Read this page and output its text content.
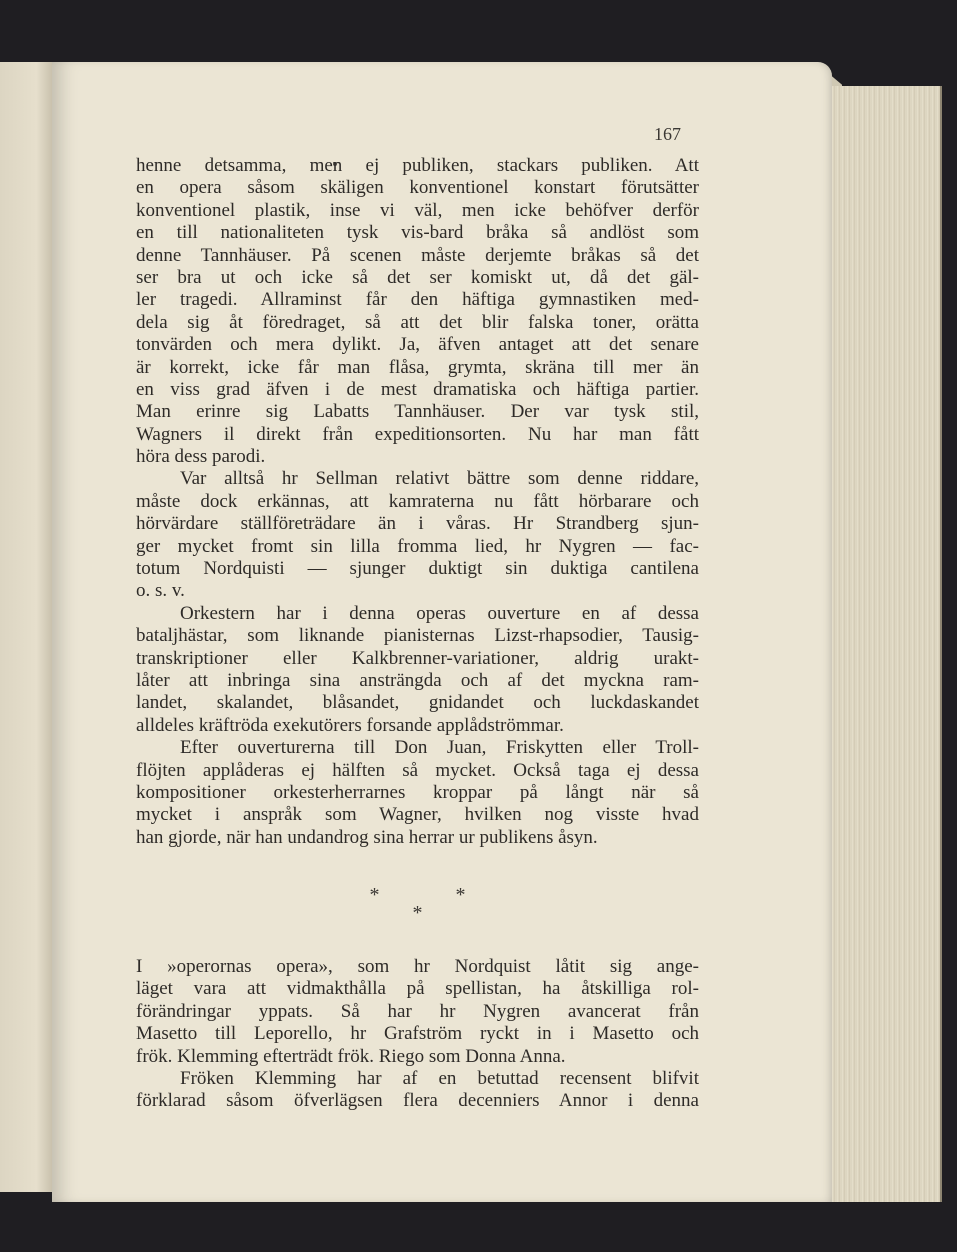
167
henne detsamma, men ej publiken, stackars publiken. Att
en opera såsom skäligen konventionel konstart förutsätter
konventionel plastik, inse vi väl, men icke behöfver derför
en till nationaliteten tysk vis-bard bråka så andlöst som
denne Tannhäuser. På scenen måste derjemte bråkas så det
ser bra ut och icke så det ser komiskt ut, då det gäl-
ler tragedi. Allraminst får den häftiga gymnastiken med-
dela sig åt föredraget, så att det blir falska toner, orätta
tonvärden och mera dylikt. Ja, äfven antaget att det senare
är korrekt, icke får man flåsa, grymta, skräna till mer än
en viss grad äfven i de mest dramatiska och häftiga partier.
Man erinre sig Labatts Tannhäuser. Der var tysk stil,
Wagners il direkt från expeditionsorten. Nu har man fått
höra dess parodi.
Var alltså hr Sellman relativt bättre som denne riddare,
måste dock erkännas, att kamraterna nu fått hörbarare och
hörvärdare ställföreträdare än i våras. Hr Strandberg sjun-
ger mycket fromt sin lilla fromma lied, hr Nygren — fac-
totum Nordquisti — sjunger duktigt sin duktiga cantilena
o. s. v.
Orkestern har i denna operas ouverture en af dessa
bataljhästar, som liknande pianisternas Lizst-rhapsodier, Tausig-
transkriptioner eller Kalkbrenner-variationer, aldrig urakt-
låter att inbringa sina ansträngda och af det myckna ram-
landet, skalandet, blåsandet, gnidandet och luckdaskandet
alldeles kräftröda exekutörers forsande applådströmmar.
Efter ouverturerna till Don Juan, Friskytten eller Troll-
flöjten applåderas ej hälften så mycket. Också taga ej dessa
kompositioner orkesterherrarnes kroppar på långt när så
mycket i anspråk som Wagner, hvilken nog visste hvad
han gjorde, när han undandrog sina herrar ur publikens åsyn.
*	*
*
I »operornas opera», som hr Nordquist låtit sig ange-
läget vara att vidmakthålla på spellistan, ha åtskilliga rol-
förändringar yppats. Så har hr Nygren avancerat från
Masetto till Leporello, hr Grafström ryckt in i Masetto och
frök. Klemming efterträdt frök. Riego som Donna Anna.
Fröken Klemming har af en betuttad recensent blifvit
förklarad såsom öfverlägsen flera decenniers Annor i denna
